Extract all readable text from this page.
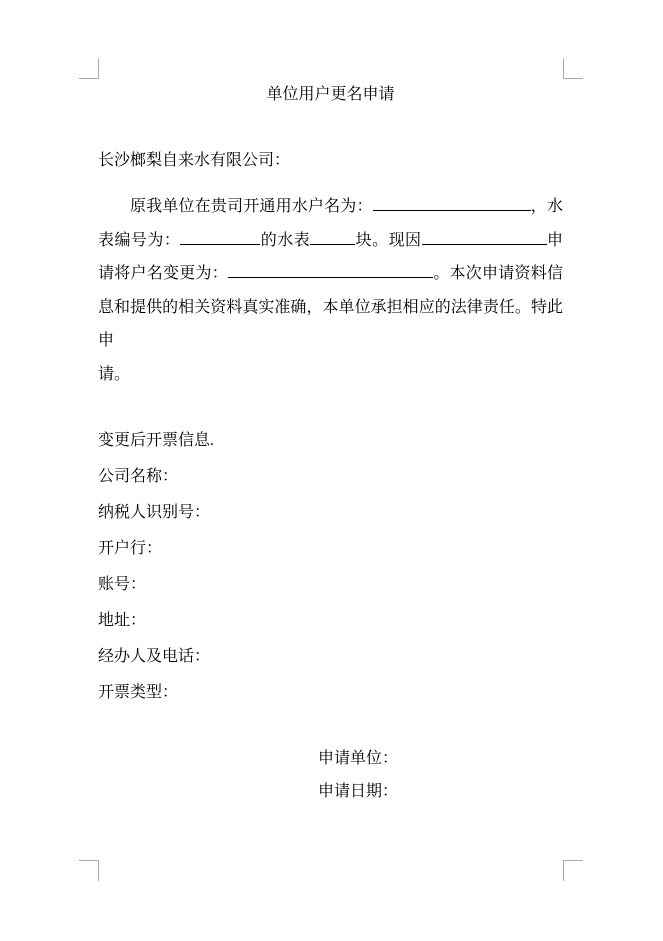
单位用户更名申请
长沙榔梨自来水有限公司：
原我单位在贵司开通用水户名为：	，水
表编号为：	的水表	块。现因	申
请将户名变更为：	。本次申请资料信
息和提供的相关资料真实准确，本单位承担相应的法律责任。特此申
请。
变更后开票信息.
公司名称：
纳税人识别号：
开户行：
账号：
地址：
经办人及电话：
开票类型：
申请单位：
申请日期：
